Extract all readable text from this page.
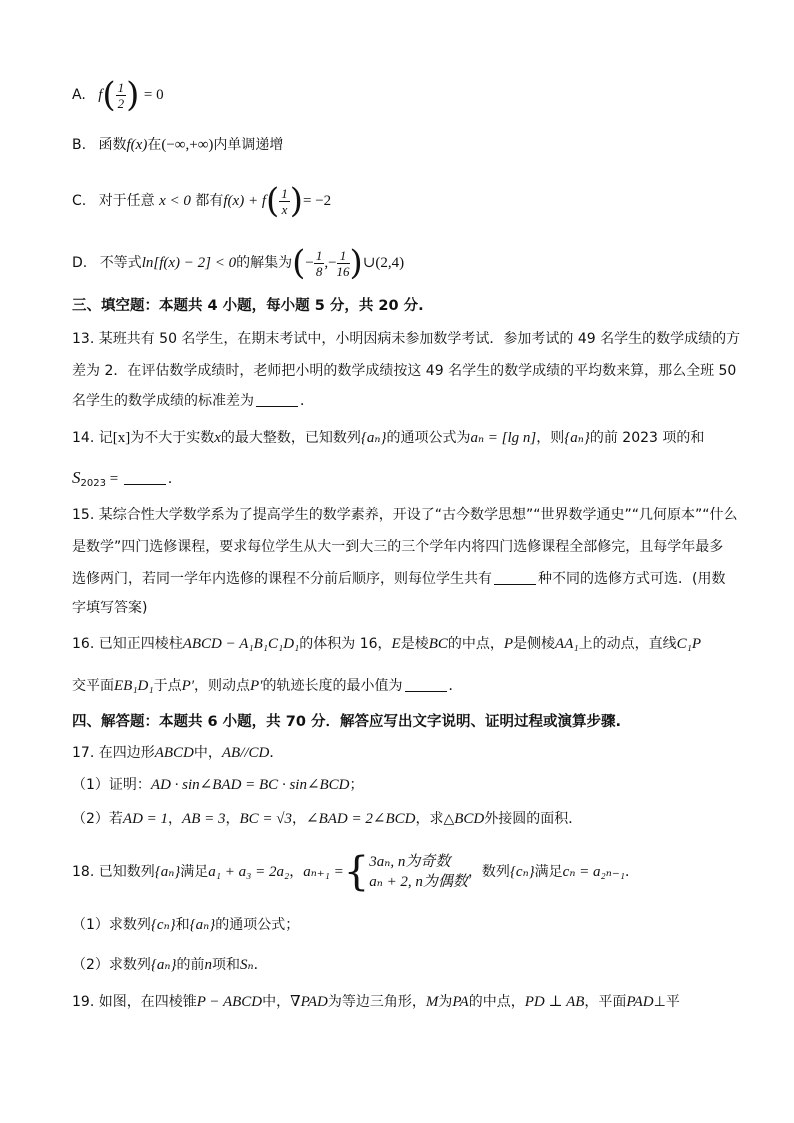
A. $f( \frac{1}{2}$ ) = 0
B. 函数f(x)在(−∞,+∞)内单调递增
C. 对于任意 x < 0 都有$f(x) + f( \frac{1}{x}$ )= −2
D. 不等式ln[f(x) − 2] < 0的解集为(− $\frac{1}{8}$ ,− $\frac{1}{16}$ )∪(2,4)
三、填空题：本题共 4 小题，每小题 5 分，共 20 分.
13. 某班共有 50 名学生，在期末考试中，小明因病未参加数学考试．参加考试的 49 名学生的数学成绩的方
差为 2．在评估数学成绩时，老师把小明的数学成绩按这 49 名学生的数学成绩的平均数来算，那么全班 50
名学生的数学成绩的标准差为	．
14. 记[x]为不大于实数x的最大整数，已知数列{aₙ}的通项公式为aₙ = [lg n]，则{aₙ}的前 2023 项的和
$S_{2023}$ =	．
15. 某综合性大学数学系为了提高学生的数学素养，开设了“古今数学思想”“世界数学通史”“几何原本”“什么
是数学”四门选修课程，要求每位学生从大一到大三的三个学年内将四门选修课程全部修完，且每学年最多
选修两门，若同一学年内选修的课程不分前后顺序，则每位学生共有	种不同的选修方式可选．(用数
字填写答案)
16. 已知正四棱柱ABCD − A₁B₁C₁D₁的体积为 16，E是棱BC的中点，P是侧棱AA₁上的动点，直线C₁P
交平面EB₁D₁于点P′，则动点P′的轨迹长度的最小值为	．
四、解答题：本题共 6 小题，共 70 分．解答应写出文字说明、证明过程或演算步骤.
17. 在四边形ABCD中，AB//CD．
（1）证明：AD · sin∠BAD = BC · sin∠BCD；
（2）若AD = 1，AB = 3，BC = √3，∠BAD = 2∠BCD，求△BCD外接圆的面积．
18. 已知数列{aₙ}满足a₁ + a₃ = 2a₂，aₙ₊₁ ={ 3aₙ, n为奇数
aₙ + 2, n为偶数
，数列{cₙ}满足cₙ = a₂ₙ₋₁．
（1）求数列{cₙ}和{aₙ}的通项公式；
（2）求数列{aₙ}的前n项和Sₙ．
19. 如图，在四棱锥P − ABCD中，∇PAD为等边三角形，M为PA的中点，PD ⊥ AB，平面PAD⊥平
